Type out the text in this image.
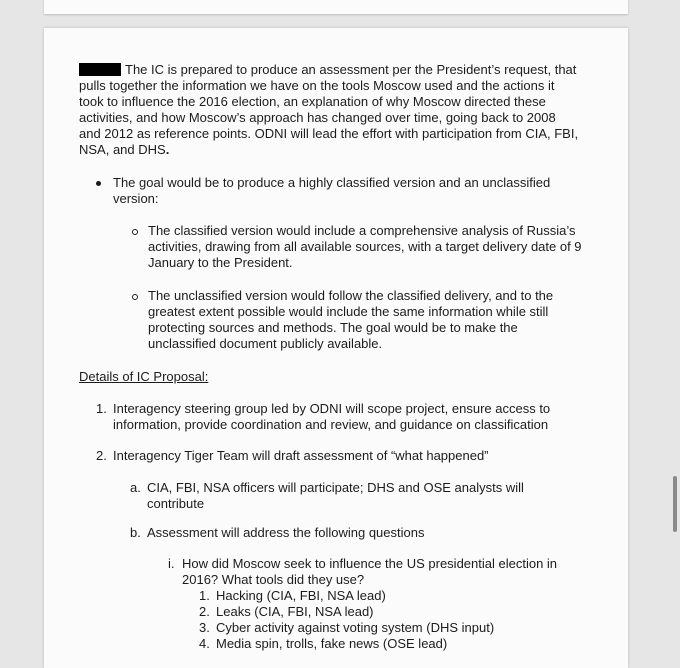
The IC is prepared to produce an assessment per the President’s request, that
pulls together the information we have on the tools Moscow used and the actions it
took to influence the 2016 election, an explanation of why Moscow directed these
activities, and how Moscow’s approach has changed over time, going back to 2008
and 2012 as reference points. ODNI will lead the effort with participation from CIA, FBI,
NSA, and DHS.
The goal would be to produce a highly classified version and an unclassified
version:
The classified version would include a comprehensive analysis of Russia’s
activities, drawing from all available sources, with a target delivery date of 9
January to the President.
The unclassified version would follow the classified delivery, and to the
greatest extent possible would include the same information while still
protecting sources and methods. The goal would be to make the
unclassified document publicly available.
Details of IC Proposal:
1. Interagency steering group led by ODNI will scope project, ensure access to
information, provide coordination and review, and guidance on classification
2. Interagency Tiger Team will draft assessment of “what happened”
a. CIA, FBI, NSA officers will participate; DHS and OSE analysts will
contribute
b. Assessment will address the following questions
i. How did Moscow seek to influence the US presidential election in
2016? What tools did they use?
1. Hacking (CIA, FBI, NSA lead)
2. Leaks (CIA, FBI, NSA lead)
3. Cyber activity against voting system (DHS input)
4. Media spin, trolls, fake news (OSE lead)
